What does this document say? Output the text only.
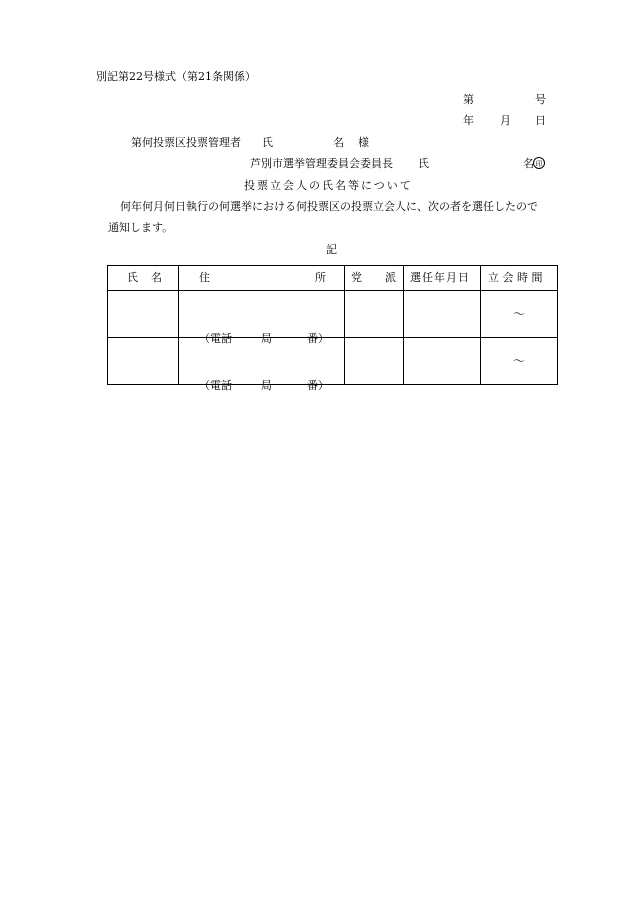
別記第22号様式（第21条関係）
第	号
年 月 日
第何投票区投票管理者 氏	名 様
芦別市選挙管理委員会委員長 氏	名 印
投票立会人の氏名等について
何年何月何日執行の何選挙における何投票区の投票立会人に、次の者を選任したので
通知します。
記
氏 名	住 所	党 派	選任年月日	立 会 時 間

	（電話 局 番）			～

	（電話 局 番）			～
